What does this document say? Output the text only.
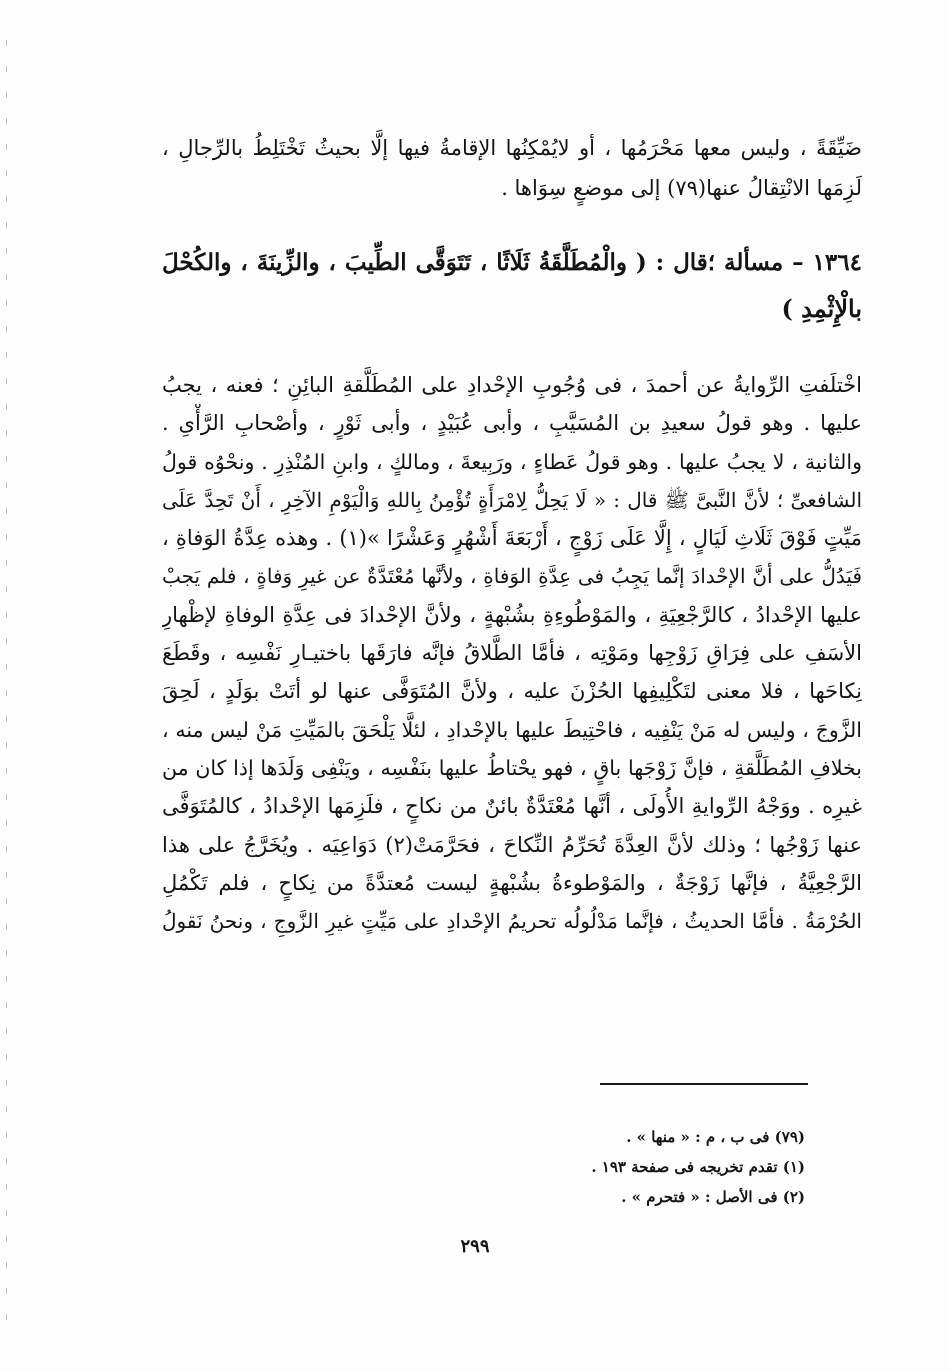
ضَيِّقَةً ، وليس معها مَحْرَمُها ، أو لايُمْكِنُها الإقامةُ فيها إلَّا بحيثُ تَخْتَلِطُ بالرِّجالِ ،
لَزِمَها الانْتِقالُ عنها(٧٩) إلى موضعٍ سِوَاها .
١٣٦٤ – مسألة ؛قال : ( والْمُطَلَّقَةُ ثَلَاثًا ، تَتَوَقَّى الطِّيبَ ، والزِّينَةَ ، والكُحْلَ
بالْإِثْمِدِ )
اخْتلَفتِ الرِّوايةُ عن أحمدَ ، فى وُجُوبِ الإحْدادِ على المُطَلَّقةِ البائِنِ ؛ فعنه ، يجبُ
عليها . وهو قولُ سعيدِ بن المُسَيَّبِ ، وأبى عُبَيْدٍ ، وأبى ثَوْرٍ ، وأصْحابِ الرَّأْىِ .
والثانية ، لا يجبُ عليها . وهو قولُ عَطاءٍ ، ورَبِيعةَ ، ومالكٍ ، وابنِ المُنْذِرِ . ونحْوُه قولُ
الشافعىِّ ؛ لأنَّ النَّبىَّ ﷺ قال : « لَا يَحِلُّ لِامْرَأَةٍ تُؤْمِنُ بِاللهِ وَالْيَوْمِ الآخِرِ ، أَنْ تَحِدَّ عَلَى
مَيِّتٍ فَوْقَ ثَلَاثِ لَيَالٍ ، إِلَّا عَلَى زَوْجٍ ، أَرْبَعَةَ أَشْهُرٍ وَعَشْرًا »(١) . وهذه عِدَّةُ الوَفاةِ ،
فَيَدُلُّ على أنَّ الإحْدادَ إنَّما يَجِبُ فى عِدَّةِ الوَفاةِ ، ولأنَّها مُعْتَدَّةٌ عن غيرِ وَفاةٍ ، فلم يَجبْ
عليها الإحْدادُ ، كالرَّجْعِيَةِ ، والمَوْطُوءِةِ بشُبْهةٍ ، ولأنَّ الإحْدادَ فى عِدَّةِ الوفاةِ لإظْهارِ
الأسَفِ على فِرَاقِ زَوْجِها ومَوْتِه ، فأمَّا الطَّلاقُ فإنَّه فارَقَها باختيـارِ نَفْسِه ، وقَطَعَ
نِكاحَها ، فلا معنى لتَكْلِيفِها الحُزْنَ عليه ، ولأنَّ المُتَوَفَّى عنها لو أتَتْ بوَلَدٍ ، لَحِقَ
الزَّوجَ ، وليس له مَنْ يَنْفِيه ، فاحْتِيطَ عليها بالإحْدادِ ، لئلَّا يَلْحَقَ بالمَيِّتِ مَنْ ليس منه ،
بخلافِ المُطَلَّقةِ ، فإنَّ زَوْجَها باقٍ ، فهو يحْتاطُ عليها بنَفْسِه ، ويَنْفِى وَلَدَها إذا كان من
غيرِه . ووَجْهُ الرِّوايةِ الأُولَى ، أنَّها مُعْتَدَّةٌ بائنٌ من نكاحٍ ، فلَزِمَها الإحْدادُ ، كالمُتَوَفَّى
عنها زَوْجُها ؛ وذلك لأنَّ العِدَّةَ تُحَرِّمُ النِّكاحَ ، فحَرَّمَتْ(٢) دَوَاعِيَه . ويُخَرَّجُ على هذا
الرَّجْعِيَّةُ ، فإنَّها زَوْجَةٌ ، والمَوْطوءةُ بشُبْهةٍ ليست مُعتدَّةً من نِكاحٍ ، فلم تَكْمُلِ
الحُرْمَةُ . فأمَّا الحديثُ ، فإنَّما مَدْلُولُه تحريمُ الإحْدادِ على مَيِّتٍ غيرِ الزَّوجِ ، ونحنُ نَقولُ
(٧٩) فى ب ، م : « منها » .
(١) تقدم تخريجه فى صفحة ١٩٣ .
(٢) فى الأصل : « فتحرم » .
٢٩٩
